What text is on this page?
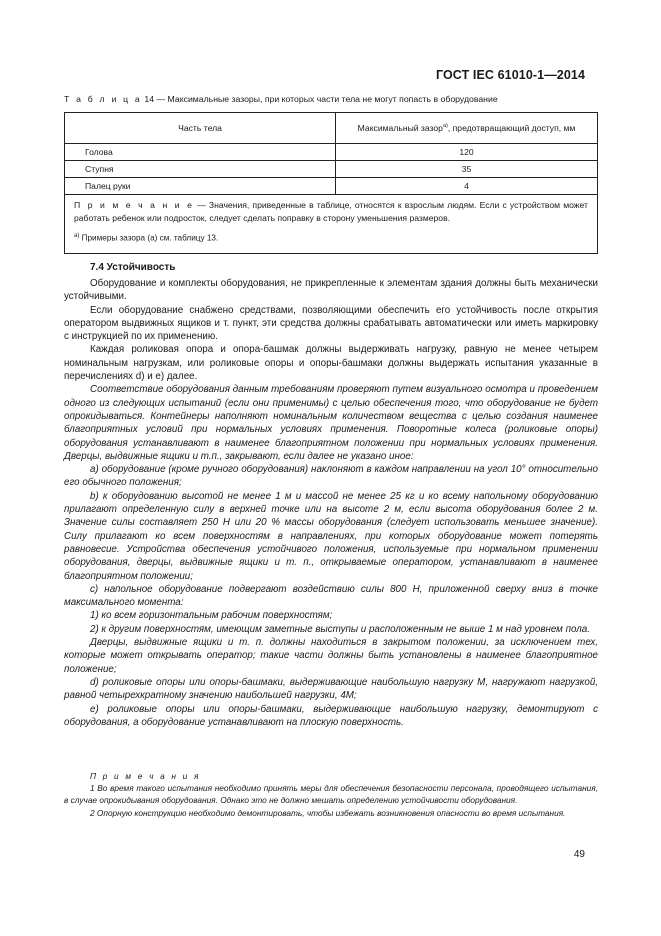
ГОСТ IEC 61010-1—2014
Т а б л и ц а 14 — Максимальные зазоры, при которых части тела не могут попасть в оборудование
Часть тела	Максимальный зазор$^{а)}$, предотвращающий доступ, мм
Голова	120
Ступня	35
Палец руки	4

П р и м е ч а н и е — Значения, приведенные в таблице, относятся к взрослым людям. Если с устройством может работать ребенок или подросток, следует сделать поправку в сторону уменьшения размеров.
$^{а)}$ Примеры зазора (а) см. таблицу 13.	
7.4 Устойчивость

Оборудование и комплекты оборудования, не прикрепленные к элементам здания должны быть механически устойчивыми.

Если оборудование снабжено средствами, позволяющими обеспечить его устойчивость после открытия оператором выдвижных ящиков и т. пункт, эти средства должны срабатывать автоматически или иметь маркировку с инструкцией по их применению.

Каждая роликовая опора и опора-башмак должны выдерживать нагрузку, равную не менее четырем номинальным нагрузкам, или роликовые опоры и опоры-башмаки должны выдержать испытания указанные в перечислениях d) и e) далее.

Соответствие оборудования данным требованиям проверяют путем визуального осмотра и проведением одного из следующих испытаний (если они применимы) с целью обеспечения того, что оборудование не будет опрокидываться. Контейнеры наполняют номинальным количеством вещества с целью создания наименее благоприятных условий при нормальных условиях применения. Поворотные колеса (роликовые опоры) оборудования устанавливают в наименее благоприятном положении при нормальных условиях применения. Дверцы, выдвижные ящики и т.п., закрывают, если далее не указано иное:

a) оборудование (кроме ручного оборудования) наклоняют в каждом направлении на угол 10° относительно его обычного положения;

b) к оборудованию высотой не менее 1 м и массой не менее 25 кг и ко всему напольному оборудованию прилагают определенную силу в верхней точке или на высоте 2 м, если высота оборудования более 2 м. Значение силы составляет 250 Н или 20 % массы оборудования (следует использовать меньшее значение). Силу прилагают ко всем поверхностям в направлениях, при которых оборудование может потерять равновесие. Устройства обеспечения устойчивого положения, используемые при нормальном применении оборудования, дверцы, выдвижные ящики и т. п., открываемые оператором, устанавливают в наименее благоприятном положении;

c) напольное оборудование подвергают воздействию силы 800 Н, приложенной сверху вниз в точке максимального момента:

1) ко всем горизонтальным рабочим поверхностям;

2) к другим поверхностям, имеющим заметные выступы и расположенным не выше 1 м над уровнем пола.

Дверцы, выдвижные ящики и т. п. должны находиться в закрытом положении, за исключением тех, которые может открывать оператор; такие части должны быть установлены в наименее благоприятное положение;

d) роликовые опоры или опоры-башмаки, выдерживающие наибольшую нагрузку М, нагружают нагрузкой, равной четырехкратному значению наибольшей нагрузки, 4М;

e) роликовые опоры или опоры-башмаки, выдерживающие наибольшую нагрузку, демонтируют с оборудования, а оборудование устанавливают на плоскую поверхность.

П р и м е ч а н и я

1 Во время такого испытания необходимо принять меры для обеспечения безопасности персонала, проводящего испытания, в случае опрокидывания оборудования. Однако это не должно мешать определению устойчивости оборудования.

2 Опорную конструкцию необходимо демонтировать, чтобы избежать возникновения опасности во время испытания.

49
